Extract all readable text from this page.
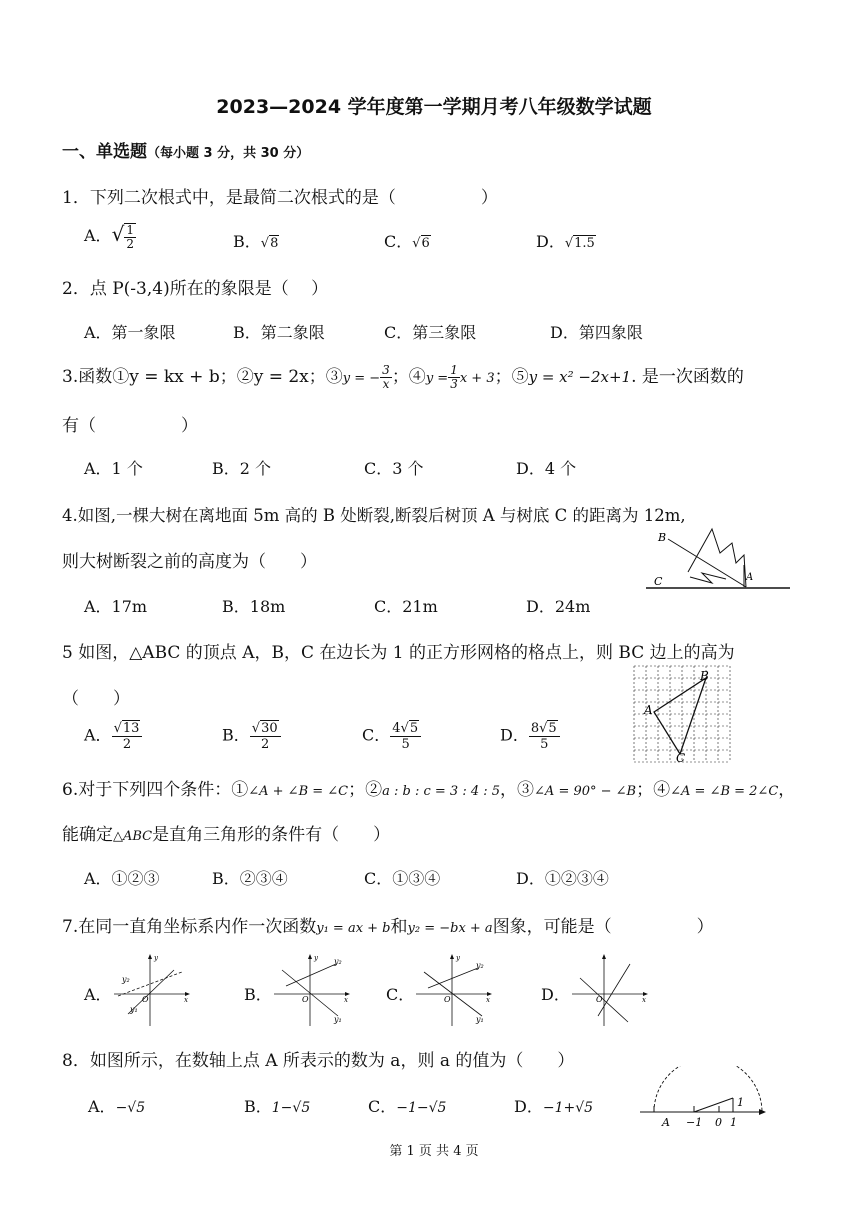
2023—2024 学年度第一学期月考八年级数学试题
一、单选题（每小题 3 分，共 30 分）
1．下列二次根式中，是最简二次根式的是（　　　　　）
A．√ $\frac{1}{2}$	B．√8	C．√6	D．√1.5
2．点 P(-3,4)所在的象限是（　 ）
A．第一象限	B．第二象限	C．第三象限	D．第四象限
3.函数①y = kx + b；②y = 2x；③y = − $\frac{3}{x}$ ；④y = $\frac{1}{3}$ x + 3；⑤y = x² −2x+1. 是一次函数的
有（　　　　　）
A．1 个	B．2 个	C．3 个	D．4 个
4.如图,一棵大树在离地面 5m 高的 B 处断裂,断裂后树顶 A 与树底 C 的距离为 12m,
则大树断裂之前的高度为（　　）
A．17m	B．18m	C．21m	D．24m
B
C	A
5 如图，△ABC 的顶点 A，B，C 在边长为 1 的正方形网格的格点上，则 BC 边上的高为
（　　）
A． $\frac{√13}{2}$	B． $\frac{√30}{2}$	C． $\frac{4√5}{5}$	D． $\frac{8√5}{5}$
A
B
C
6.对于下列四个条件：①∠A + ∠B = ∠C；②a : b : c = 3 : 4 : 5，③∠A = 90° − ∠B；④∠A = ∠B = 2∠C，
能确定△ABC是直角三角形的条件有（　　）
A．①②③	B．②③④	C．①③④	D．①②③④
7.在同一直角坐标系内作一次函数y₁ = ax + b和y₂ = −bx + a图象，可能是（　　　　　）
A．	B．	C．	D．
y₂
y₁
O
y
x
y₂
y₁
O
y
x
y₂
y₁
O
y
x	O	x
8．如图所示，在数轴上点 A 所表示的数为 a，则 a 的值为（　　）
A．−√5	B．1−√5	C．−1−√5	D．−1+√5
A −1 0 1
1
第 1 页 共 4 页
